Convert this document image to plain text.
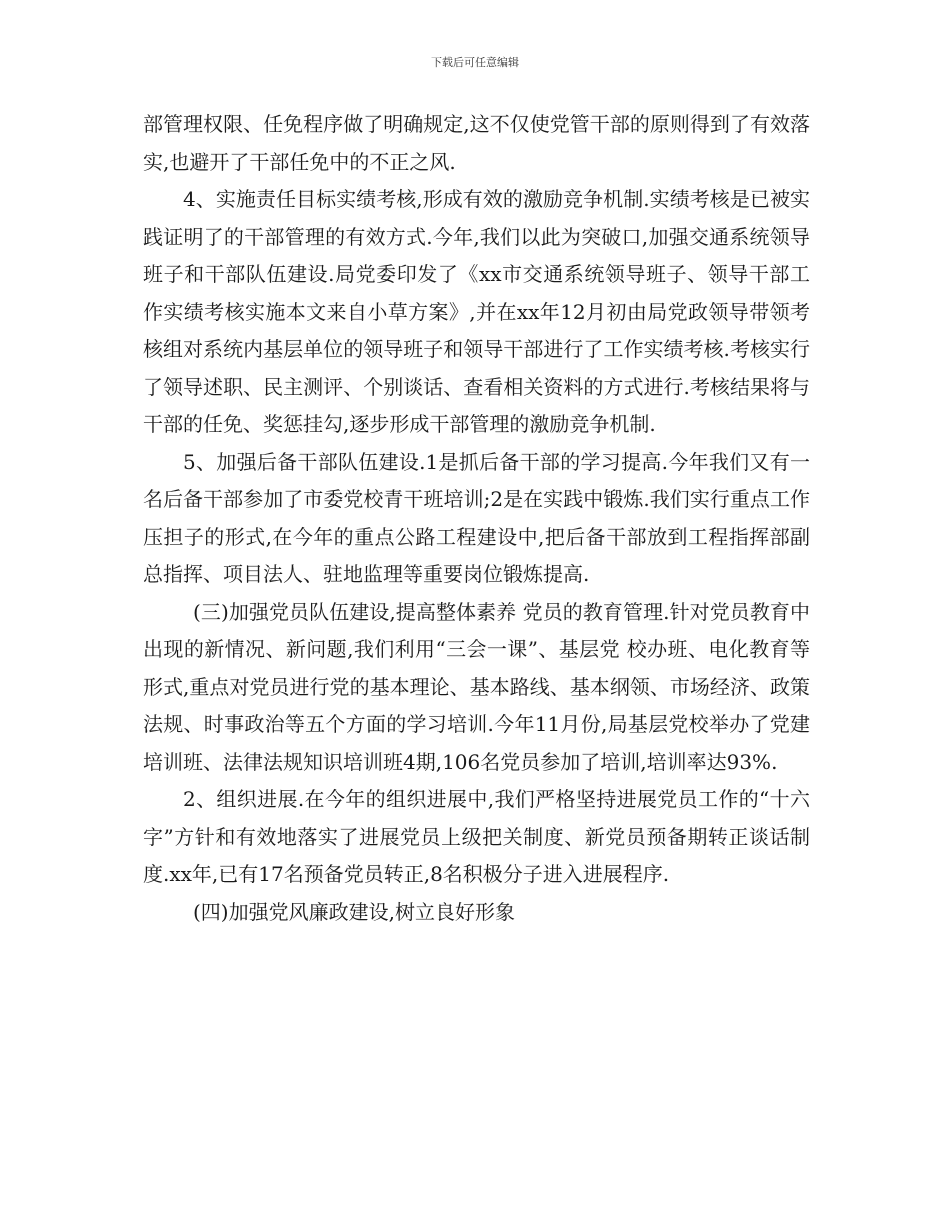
下载后可任意编辑

部管理权限、任免程序做了明确规定,这不仅使党管干部的原则得到了有效落实,也避开了干部任免中的不正之风.

4、实施责任目标实绩考核,形成有效的激励竞争机制.实绩考核是已被实践证明了的干部管理的有效方式.今年,我们以此为突破口,加强交通系统领导班子和干部队伍建设.局党委印发了《xx市交通系统领导班子、领导干部工作实绩考核实施本文来自小草方案》,并在xx年12月初由局党政领导带领考核组对系统内基层单位的领导班子和领导干部进行了工作实绩考核.考核实行了领导述职、民主测评、个别谈话、查看相关资料的方式进行.考核结果将与干部的任免、奖惩挂勾,逐步形成干部管理的激励竞争机制.

5、加强后备干部队伍建设.1是抓后备干部的学习提高.今年我们又有一名后备干部参加了市委党校青干班培训;2是在实践中锻炼.我们实行重点工作压担子的形式,在今年的重点公路工程建设中,把后备干部放到工程指挥部副总指挥、项目法人、驻地监理等重要岗位锻炼提高.

(三)加强党员队伍建设,提高整体素养 党员的教育管理.针对党员教育中出现的新情况、新问题,我们利用“三会一课”、基层党 校办班、电化教育等形式,重点对党员进行党的基本理论、基本路线、基本纲领、市场经济、政策法规、时事政治等五个方面的学习培训.今年11月份,局基层党校举办了党建培训班、法律法规知识培训班4期,106名党员参加了培训,培训率达93%.

2、组织进展.在今年的组织进展中,我们严格坚持进展党员工作的“十六字”方针和有效地落实了进展党员上级把关制度、新党员预备期转正谈话制度.xx年,已有17名预备党员转正,8名积极分子进入进展程序.

(四)加强党风廉政建设,树立良好形象
